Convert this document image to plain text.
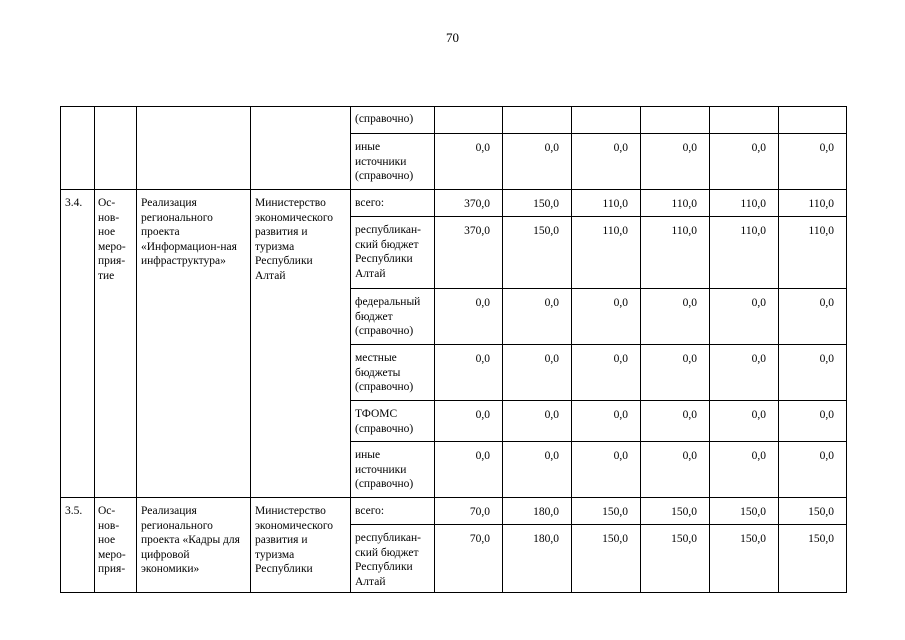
70
				(справочно)						
				иные источники (справочно)	0,0	0,0	0,0	0,0	0,0	0,0
3.4.	Ос-нов-ное меро-прия-тие	Реализация регионального проекта «Информацион-ная инфраструктура»	Министерство экономического развития и туризма Республики Алтай	всего:	370,0	150,0	110,0	110,0	110,0	110,0
				республикан-ский бюджет Республики Алтай	370,0	150,0	110,0	110,0	110,0	110,0
				федеральный бюджет (справочно)	0,0	0,0	0,0	0,0	0,0	0,0
				местные бюджеты (справочно)	0,0	0,0	0,0	0,0	0,0	0,0
				ТФОМС (справочно)	0,0	0,0	0,0	0,0	0,0	0,0
				иные источники (справочно)	0,0	0,0	0,0	0,0	0,0	0,0
3.5.	Ос-нов-ное меро-прия-	Реализация регионального проекта «Кадры для цифровой экономики»	Министерство экономического развития и туризма Республики	всего:	70,0	180,0	150,0	150,0	150,0	150,0
				республикан-ский бюджет Республики Алтай	70,0	180,0	150,0	150,0	150,0	150,0
